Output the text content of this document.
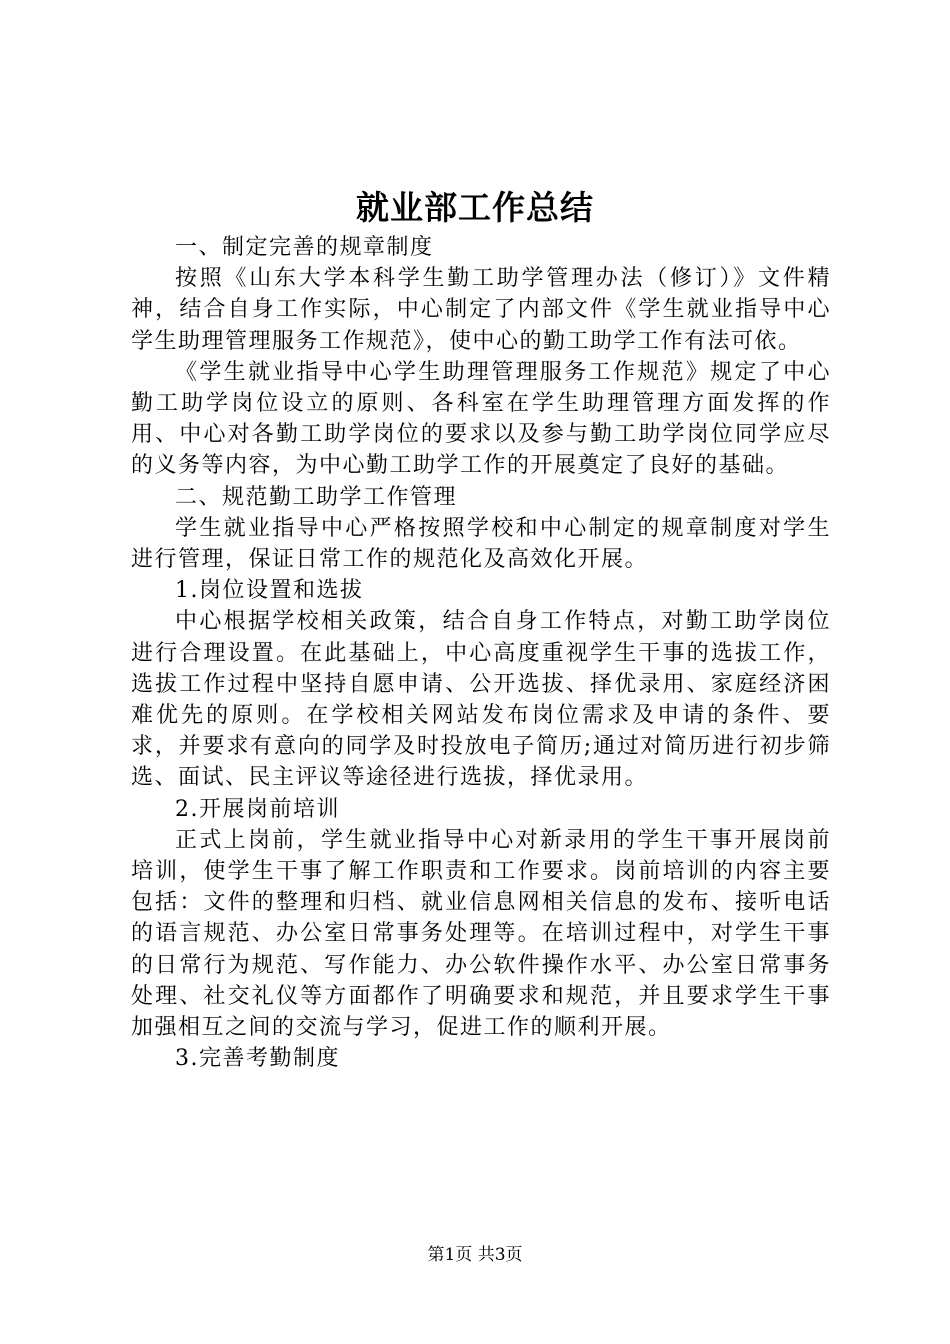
就业部工作总结

一、制定完善的规章制度

按照《山东大学本科学生勤工助学管理办法（修订）》文件精神，结合自身工作实际，中心制定了内部文件《学生就业指导中心学生助理管理服务工作规范》，使中心的勤工助学工作有法可依。

《学生就业指导中心学生助理管理服务工作规范》规定了中心勤工助学岗位设立的原则、各科室在学生助理管理方面发挥的作用、中心对各勤工助学岗位的要求以及参与勤工助学岗位同学应尽的义务等内容，为中心勤工助学工作的开展奠定了良好的基础。

二、规范勤工助学工作管理

学生就业指导中心严格按照学校和中心制定的规章制度对学生进行管理，保证日常工作的规范化及高效化开展。

1.岗位设置和选拔

中心根据学校相关政策，结合自身工作特点，对勤工助学岗位进行合理设置。在此基础上，中心高度重视学生干事的选拔工作，选拔工作过程中坚持自愿申请、公开选拔、择优录用、家庭经济困难优先的原则。在学校相关网站发布岗位需求及申请的条件、要求，并要求有意向的同学及时投放电子简历;通过对简历进行初步筛选、面试、民主评议等途径进行选拔，择优录用。

2.开展岗前培训

正式上岗前，学生就业指导中心对新录用的学生干事开展岗前培训，使学生干事了解工作职责和工作要求。岗前培训的内容主要包括：文件的整理和归档、就业信息网相关信息的发布、接听电话的语言规范、办公室日常事务处理等。在培训过程中，对学生干事的日常行为规范、写作能力、办公软件操作水平、办公室日常事务处理、社交礼仪等方面都作了明确要求和规范，并且要求学生干事加强相互之间的交流与学习，促进工作的顺利开展。

3.完善考勤制度

第1页 共3页
